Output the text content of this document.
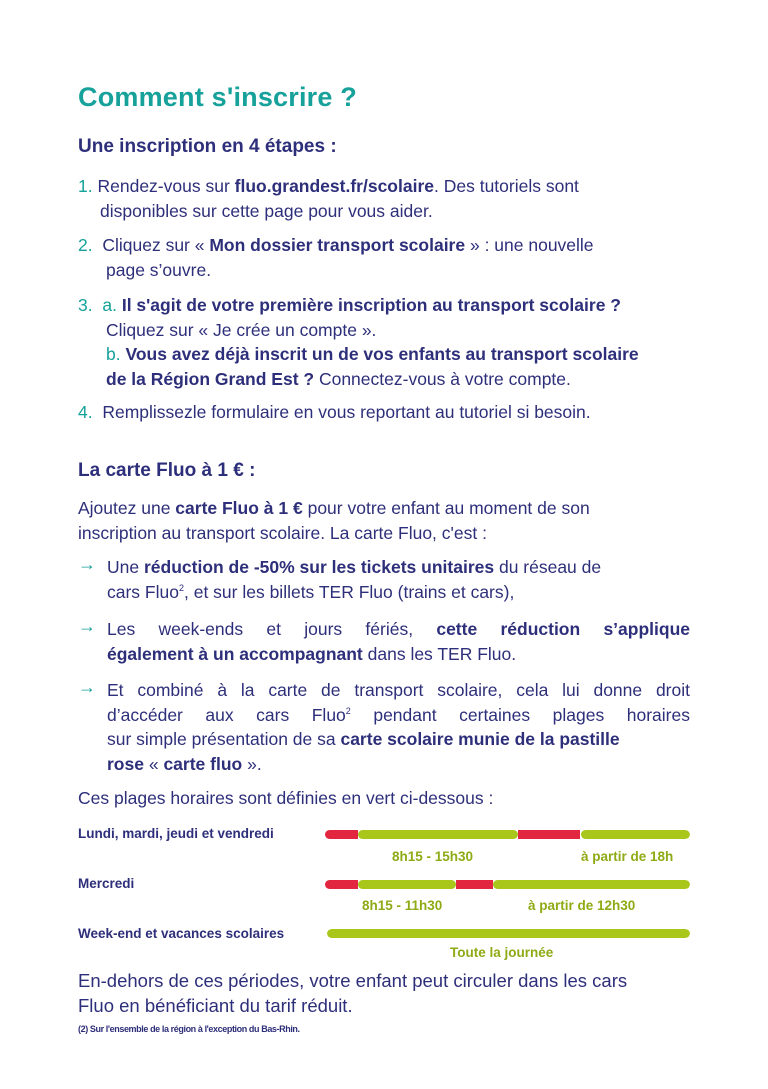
Comment s'inscrire ?
Une inscription en 4 étapes :
1. Rendez-vous sur fluo.grandest.fr/scolaire. Des tutoriels sont
disponibles sur cette page pour vous aider.
2. Cliquez sur « Mon dossier transport scolaire » : une nouvelle
page s’ouvre.
3. a. Il s'agit de votre première inscription au transport scolaire ?
Cliquez sur « Je crée un compte ».
b. Vous avez déjà inscrit un de vos enfants au transport scolaire
de la Région Grand Est ? Connectez-vous à votre compte.
4. Remplissezle formulaire en vous reportant au tutoriel si besoin.
La carte Fluo à 1 € :
Ajoutez une carte Fluo à 1 € pour votre enfant au moment de son
inscription au transport scolaire. La carte Fluo, c'est :
→ Une réduction de -50% sur les tickets unitaires du réseau de
cars Fluo$^2$, et sur les billets TER Fluo (trains et cars),
→ Les week-ends et jours fériés, cette réduction s’applique
également à un accompagnant dans les TER Fluo.
→ Et combiné à la carte de transport scolaire, cela lui donne droit
d’accéder aux cars Fluo$^2$ pendant certaines plages horaires
sur simple présentation de sa carte scolaire munie de la pastille
rose « carte fluo ».
Ces plages horaires sont définies en vert ci-dessous :
Lundi, mardi, jeudi et vendredi
8h15 - 15h30	à partir de 18h
Mercredi
8h15 - 11h30	à partir de 12h30
Week-end et vacances scolaires
Toute la journée
En-dehors de ces périodes, votre enfant peut circuler dans les cars
Fluo en bénéficiant du tarif réduit.
(2) Sur l'ensemble de la région à l'exception du Bas-Rhin.
